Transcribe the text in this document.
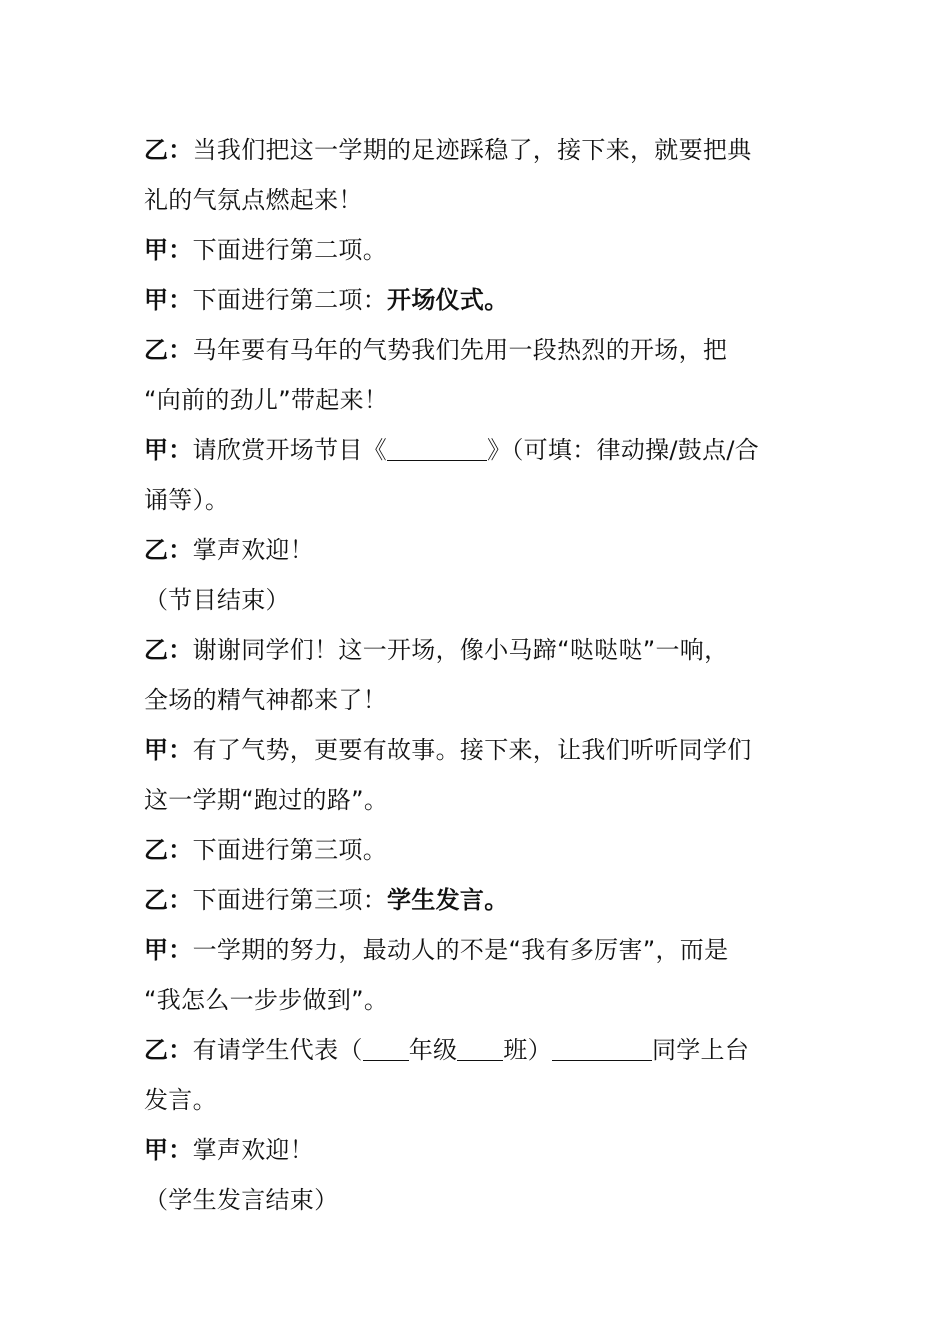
乙：当我们把这一学期的足迹踩稳了，接下来，就要把典
礼的气氛点燃起来！
甲：下面进行第二项。
甲：下面进行第二项：开场仪式。
乙：马年要有马年的气势我们先用一段热烈的开场，把
“向前的劲儿”带起来！
甲：请欣赏开场节目《	》（可填：律动操/鼓点/合
诵等）。
乙：掌声欢迎！
（节目结束）
乙：谢谢同学们！这一开场，像小马蹄“哒哒哒”一响，
全场的精气神都来了！
甲：有了气势，更要有故事。接下来，让我们听听同学们
这一学期“跑过的路”。
乙：下面进行第三项。
乙：下面进行第三项：学生发言。
甲：一学期的努力，最动人的不是“我有多厉害”，而是
“我怎么一步步做到”。
乙：有请学生代表（ 年级 班）	同学上台
发言。
甲：掌声欢迎！
（学生发言结束）
